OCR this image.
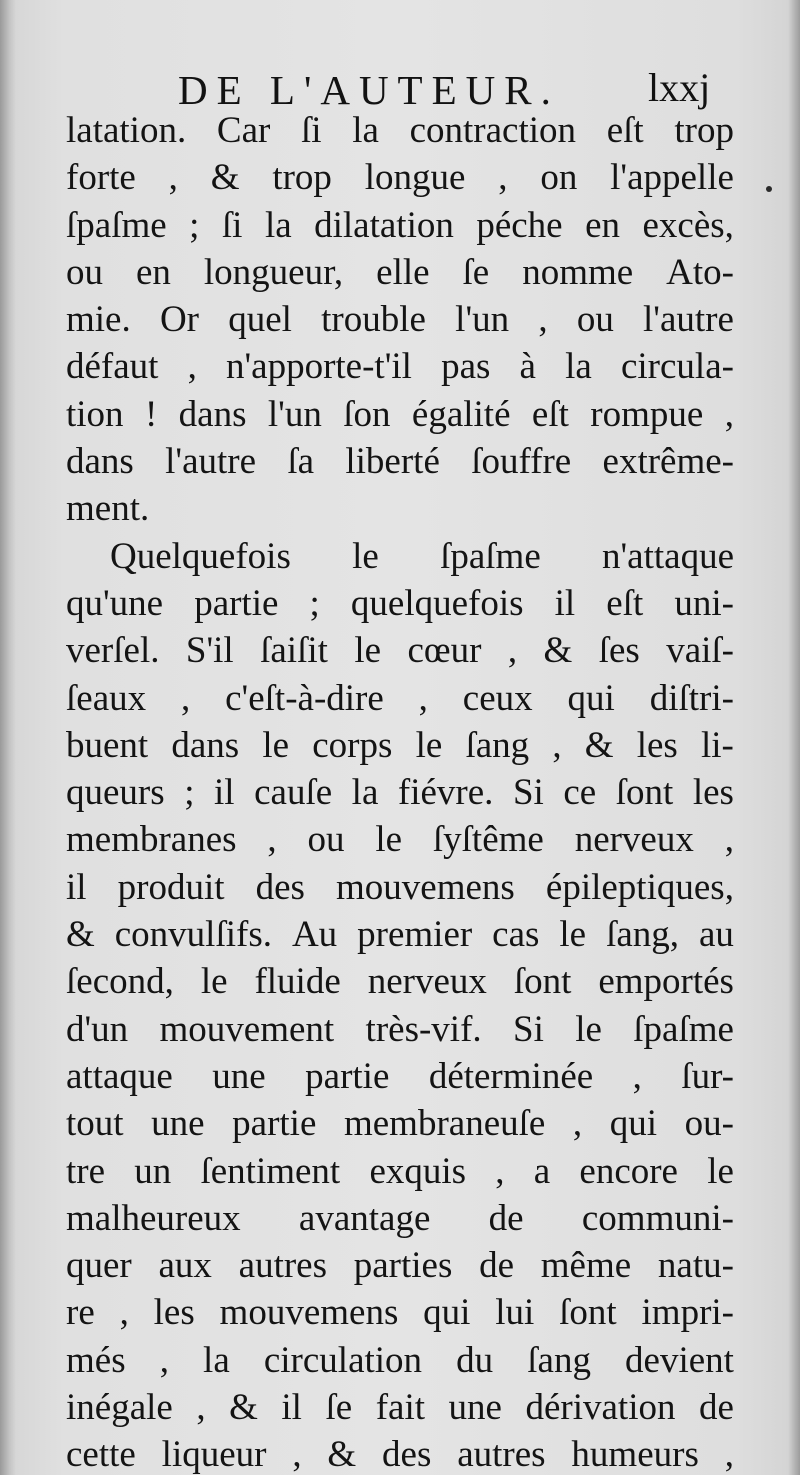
DE L'AUTEUR. lxxj
latation. Car ſi la contraction eſt trop
forte , & trop longue , on l'appelle
ſpaſme ; ſi la dilatation péche en excès,
ou en longueur, elle ſe nomme Ato-
mie. Or quel trouble l'un , ou l'autre
défaut , n'apporte-t'il pas à la circula-
tion ! dans l'un ſon égalité eſt rompue ,
dans l'autre ſa liberté ſouffre extrême-
ment.
Quelquefois le ſpaſme n'attaque
qu'une partie ; quelquefois il eſt uni-
verſel. S'il ſaiſit le cœur , & ſes vaiſ-
ſeaux , c'eſt-à-dire , ceux qui diſtri-
buent dans le corps le ſang , & les li-
queurs ; il cauſe la fiévre. Si ce ſont les
membranes , ou le ſyſtême nerveux ,
il produit des mouvemens épileptiques,
& convulſifs. Au premier cas le ſang, au
ſecond, le fluide nerveux ſont emportés
d'un mouvement très-vif. Si le ſpaſme
attaque une partie déterminée , ſur-
tout une partie membraneuſe , qui ou-
tre un ſentiment exquis , a encore le
malheureux avantage de communi-
quer aux autres parties de même natu-
re , les mouvemens qui lui ſont impri-
més , la circulation du ſang devient
inégale , & il ſe fait une dérivation de
cette liqueur , & des autres humeurs ,
